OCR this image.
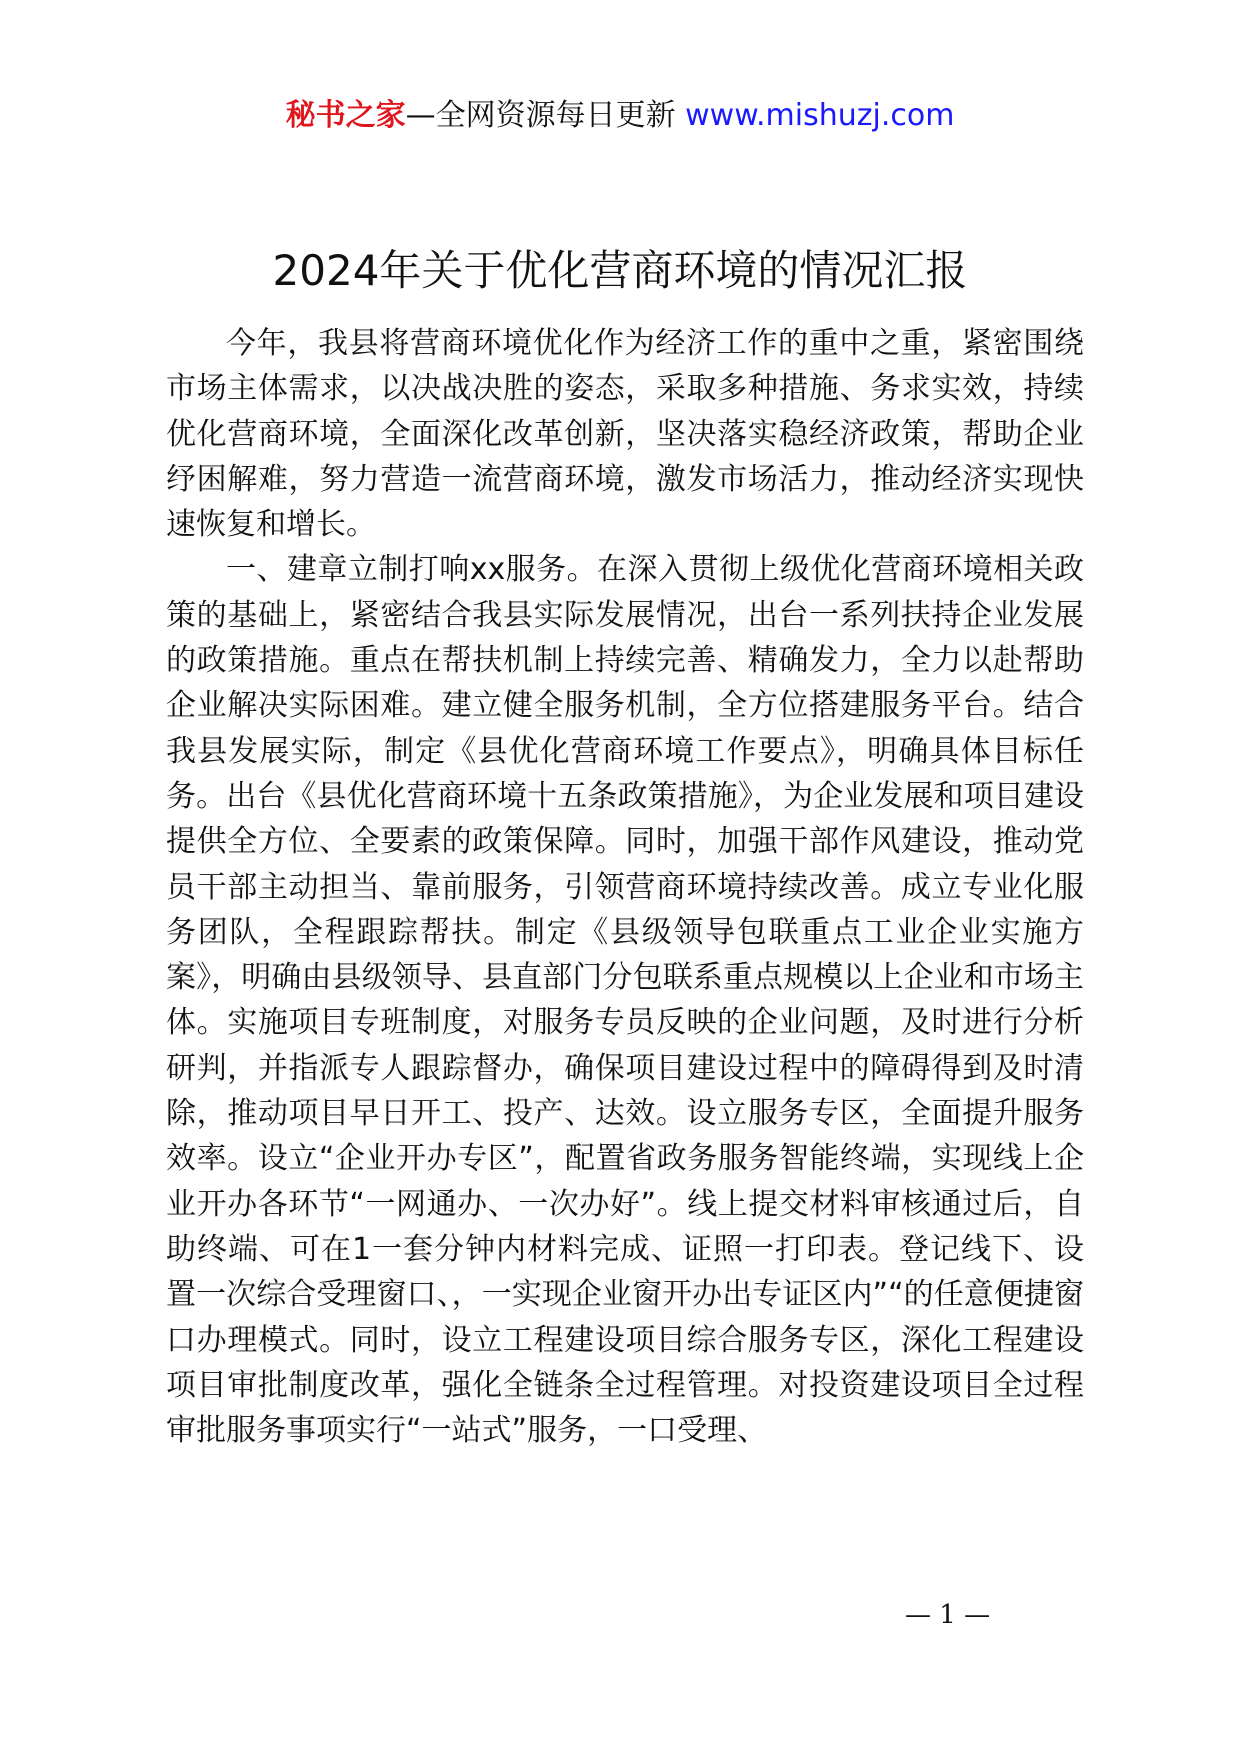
秘书之家—全网资源每日更新 www.mishuzj.com
2024年关于优化营商环境的情况汇报

今年，我县将营商环境优化作为经济工作的重中之重，紧密围绕市场主体需求，以决战决胜的姿态，采取多种措施、务求实效，持续优化营商环境，全面深化改革创新，坚决落实稳经济政策，帮助企业纾困解难，努力营造一流营商环境，激发市场活力，推动经济实现快速恢复和增长。

一、建章立制打响xx服务。在深入贯彻上级优化营商环境相关政策的基础上，紧密结合我县实际发展情况，出台一系列扶持企业发展的政策措施。重点在帮扶机制上持续完善、精确发力，全力以赴帮助企业解决实际困难。建立健全服务机制，全方位搭建服务平台。结合我县发展实际，制定《县优化营商环境工作要点》，明确具体目标任务。出台《县优化营商环境十五条政策措施》，为企业发展和项目建设提供全方位、全要素的政策保障。同时，加强干部作风建设，推动党员干部主动担当、靠前服务，引领营商环境持续改善。成立专业化服务团队，全程跟踪帮扶。制定《县级领导包联重点工业企业实施方案》，明确由县级领导、县直部门分包联系重点规模以上企业和市场主体。实施项目专班制度，对服务专员反映的企业问题，及时进行分析研判，并指派专人跟踪督办，确保项目建设过程中的障碍得到及时清除，推动项目早日开工、投产、达效。设立服务专区，全面提升服务效率。设立“企业开办专区”，配置省政务服务智能终端，实现线上企业开办各环节“一网通办、一次办好”。线上提交材料审核通过后，自助终端、可在1一套分钟内材料完成、证照一打印表。登记线下、设置一次综合受理窗口、，一实现企业窗开办出专证区内”“的任意便捷窗口办理模式。同时，设立工程建设项目综合服务专区，深化工程建设项目审批制度改革，强化全链条全过程管理。对投资建设项目全过程审批服务事项实行“一站式”服务，一口受理、

— 1 —
